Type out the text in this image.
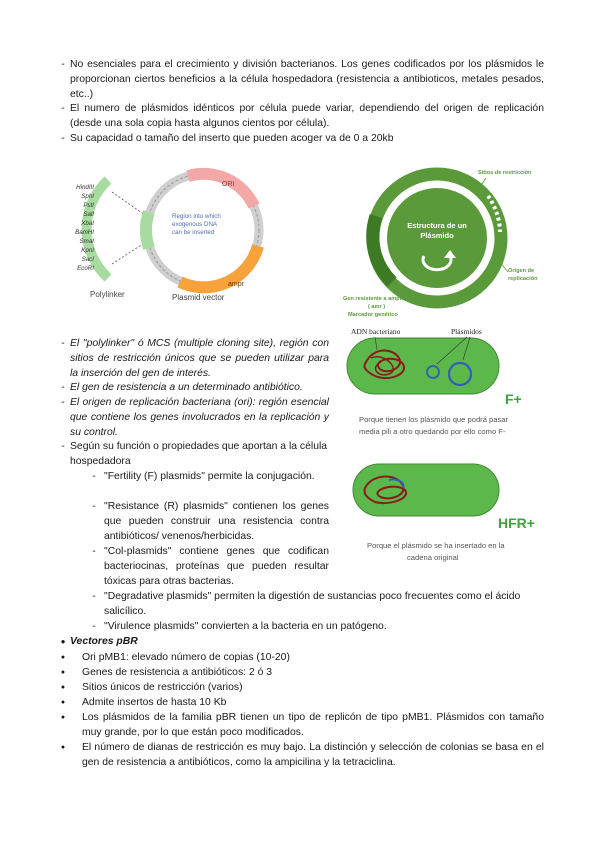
- No esenciales para el crecimiento y división bacterianos. Los genes codificados por los plásmidos le proporcionan ciertos beneficios a la célula hospedadora (resistencia a antibioticos, metales pesados, etc..)
- El numero de plásmidos idénticos por célula puede variar, dependiendo del origen de replicación (desde una sola copia hasta algunos cientos por célula).
- Su capacidad o tamaño del inserto que pueden acoger va de 0 a 20kb
HindIII
SphI
PstI
SalI
XbaI
BamHI
SmaI
KpnI
SacI
EcoRI
ORI
ampr
Region into which
exogenous DNA
can be inserted
Polylinker	Plasmid vector
Estructura de un
Plásmido
Sitios de restricción
Origen de
replicación
Gen resistente a ampicilina
( amr )
Marcador genético
- El "polylinker" ó MCS (multiple cloning site), región con sitios de restricción únicos que se pueden utilizar para la inserción del gen de interés.
- El gen de resistencia a un determinado antibiótico.
- El origen de replicación bacteriana (ori): región esencial que contiene los genes involucrados en la replicación y su control.
- Según su función o propiedades que aportan a la célula hospedadora
- "Fertility (F) plasmids" permite la conjugación.
- "Resistance (R) plasmids" contienen los genes que pueden construir una resistencia contra antibióticos/ venenos/herbicidas.
- "Col-plasmids" contiene genes que codifican bacteriocinas, proteínas que pueden resultar tóxicas para otras bacterias.
- "Degradative plasmids" permiten la digestión de sustancias poco frecuentes como el ácido salicílico.
- "Virulence plasmids" convierten a la bacteria en un patógeno.
ADN bacteriano	Plásmidos
F+
Porque tienen los plásmido que podrá pasar
media pili a otro quedando por ello como F-
HFR+
Porque el plásmido se ha insertado en la
cadena original
● Vectores pBR
● Ori pMB1: elevado número de copias (10-20)
● Genes de resistencia a antibióticos: 2 ó 3
● Sitios únicos de restricción (varios)
● Admite insertos de hasta 10 Kb
● Los plásmidos de la familia pBR tienen un tipo de replicón de tipo pMB1. Plásmidos con tamaño muy grande, por lo que están poco modificados.
● El número de dianas de restricción es muy bajo. La distinción y selección de colonias se basa en el gen de resistencia a antibióticos, como la ampicilina y la tetraciclina.
